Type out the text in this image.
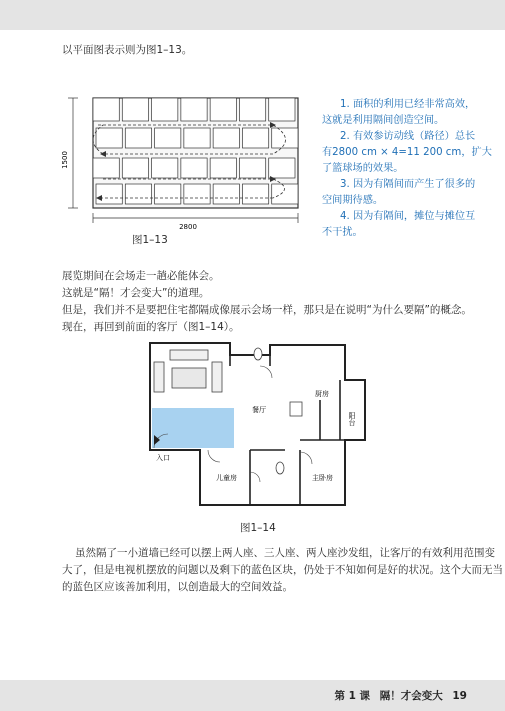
以平面图表示则为图1–13。
1500
2800
图1–13
1. 面积的利用已经非常高效，
这就是利用隔间创造空间。
2. 有效参访动线（路径）总长
有2800 cm × 4=11 200 cm，扩大
了篮球场的效果。
3. 因为有隔间而产生了很多的
空间期待感。
4. 因为有隔间，摊位与摊位互
不干扰。
展览期间在会场走一趟必能体会。
这就是“隔！才会变大”的道理。
但是，我们并不是要把住宅都隔成像展示会场一样，那只是在说明“为什么要隔”的概念。
现在，再回到前面的客厅（图1–14）。
厨房
餐厅
阳台
入口
儿童房	主卧房
图1–14
虽然隔了一小道墙已经可以摆上两人座、三人座、两人座沙发组，让客厅的有效利用范围变
大了，但是电视机摆放的问题以及剩下的蓝色区块，仍处于不知如何是好的状况。这个大而无当
的蓝色区应该善加利用，以创造最大的空间效益。
第 1 课 隔！才会变大 19
